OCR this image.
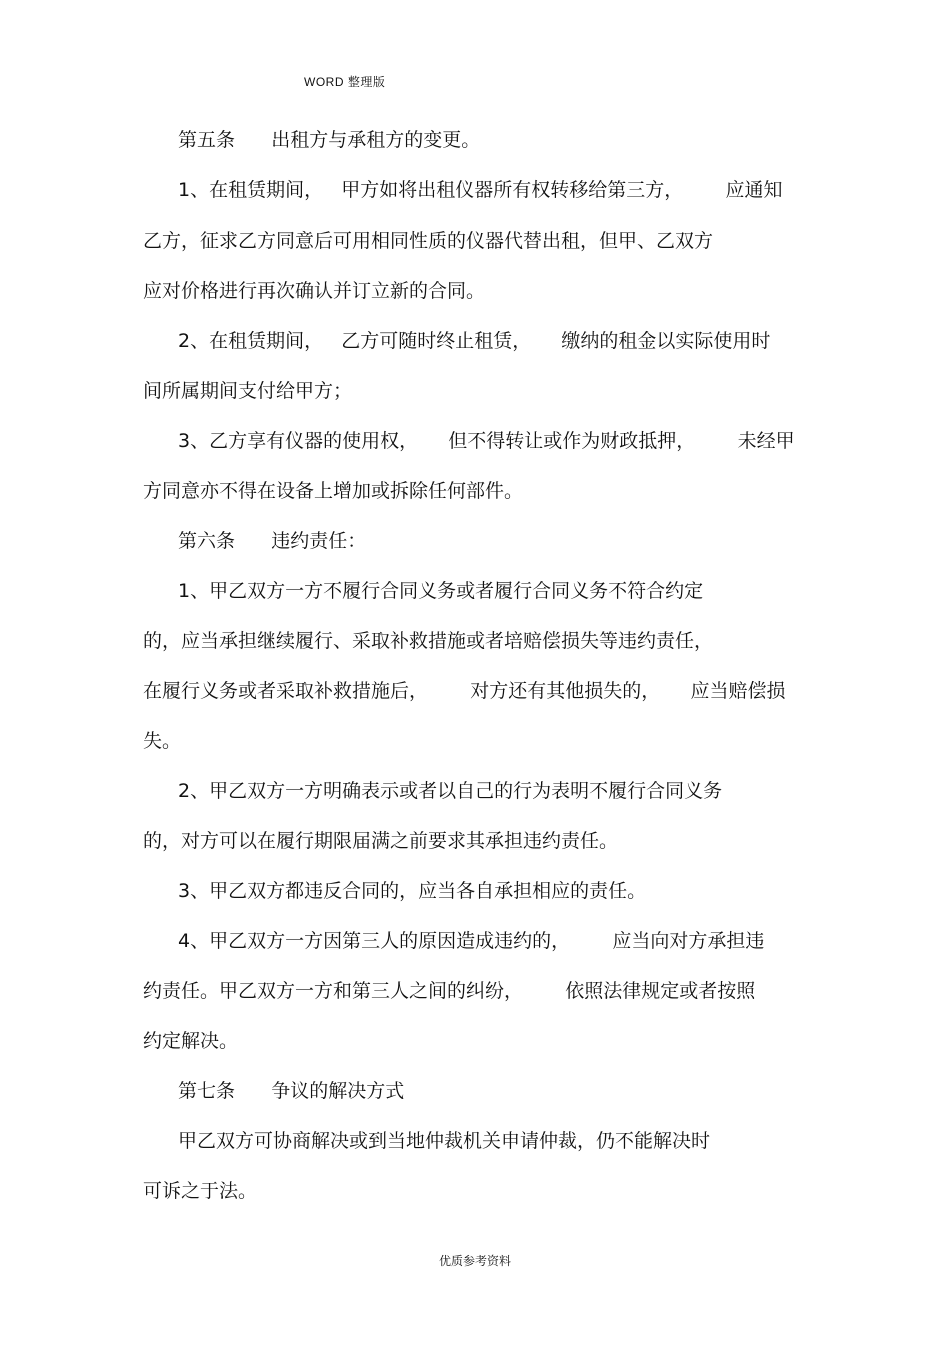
WORD 整理版
第五条      出租方与承租方的变更。
1、在租赁期间，   甲方如将出租仪器所有权转移给第三方，       应通知
乙方，征求乙方同意后可用相同性质的仪器代替出租，但甲、乙双方
应对价格进行再次确认并订立新的合同。
2、在租赁期间，   乙方可随时终止租赁，     缴纳的租金以实际使用时
间所属期间支付给甲方；
3、乙方享有仪器的使用权，     但不得转让或作为财政抵押，       未经甲
方同意亦不得在设备上增加或拆除任何部件。
第六条      违约责任：
1、甲乙双方一方不履行合同义务或者履行合同义务不符合约定
的，应当承担继续履行、采取补救措施或者培赔偿损失等违约责任，
在履行义务或者采取补救措施后，       对方还有其他损失的，     应当赔偿损
失。
2、甲乙双方一方明确表示或者以自己的行为表明不履行合同义务
的，对方可以在履行期限届满之前要求其承担违约责任。
3、甲乙双方都违反合同的，应当各自承担相应的责任。
4、甲乙双方一方因第三人的原因造成违约的，       应当向对方承担违
约责任。甲乙双方一方和第三人之间的纠纷，       依照法律规定或者按照
约定解决。
第七条      争议的解决方式
甲乙双方可协商解决或到当地仲裁机关申请仲裁，仍不能解决时
可诉之于法。
优质参考资料
